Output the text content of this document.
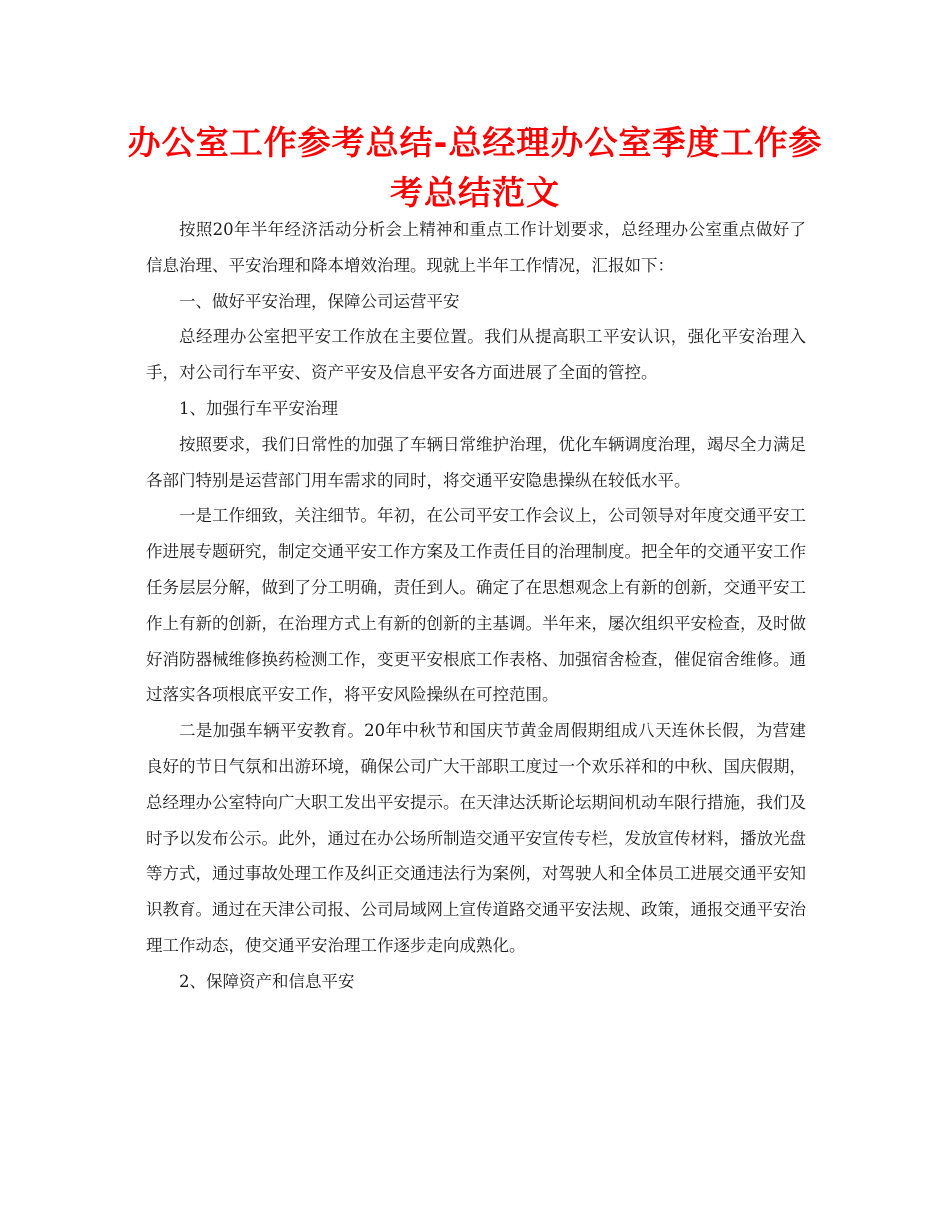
办公室工作参考总结-总经理办公室季度工作参考总结范文

按照20年半年经济活动分析会上精神和重点工作计划要求，总经理办公室重点做好了信息治理、平安治理和降本增效治理。现就上半年工作情况，汇报如下：

一、做好平安治理，保障公司运营平安

总经理办公室把平安工作放在主要位置。我们从提高职工平安认识，强化平安治理入手，对公司行车平安、资产平安及信息平安各方面进展了全面的管控。

1、加强行车平安治理

按照要求，我们日常性的加强了车辆日常维护治理，优化车辆调度治理，竭尽全力满足各部门特别是运营部门用车需求的同时，将交通平安隐患操纵在较低水平。

一是工作细致，关注细节。年初，在公司平安工作会议上，公司领导对年度交通平安工作进展专题研究，制定交通平安工作方案及工作责任目的治理制度。把全年的交通平安工作任务层层分解，做到了分工明确，责任到人。确定了在思想观念上有新的创新，交通平安工作上有新的创新，在治理方式上有新的创新的主基调。半年来，屡次组织平安检查，及时做好消防器械维修换药检测工作，变更平安根底工作表格、加强宿舍检查，催促宿舍维修。通过落实各项根底平安工作，将平安风险操纵在可控范围。

二是加强车辆平安教育。20年中秋节和国庆节黄金周假期组成八天连休长假，为营建良好的节日气氛和出游环境，确保公司广大干部职工度过一个欢乐祥和的中秋、国庆假期，总经理办公室特向广大职工发出平安提示。在天津达沃斯论坛期间机动车限行措施，我们及时予以发布公示。此外，通过在办公场所制造交通平安宣传专栏，发放宣传材料，播放光盘等方式，通过事故处理工作及纠正交通违法行为案例，对驾驶人和全体员工进展交通平安知识教育。通过在天津公司报、公司局域网上宣传道路交通平安法规、政策，通报交通平安治理工作动态，使交通平安治理工作逐步走向成熟化。

2、保障资产和信息平安
